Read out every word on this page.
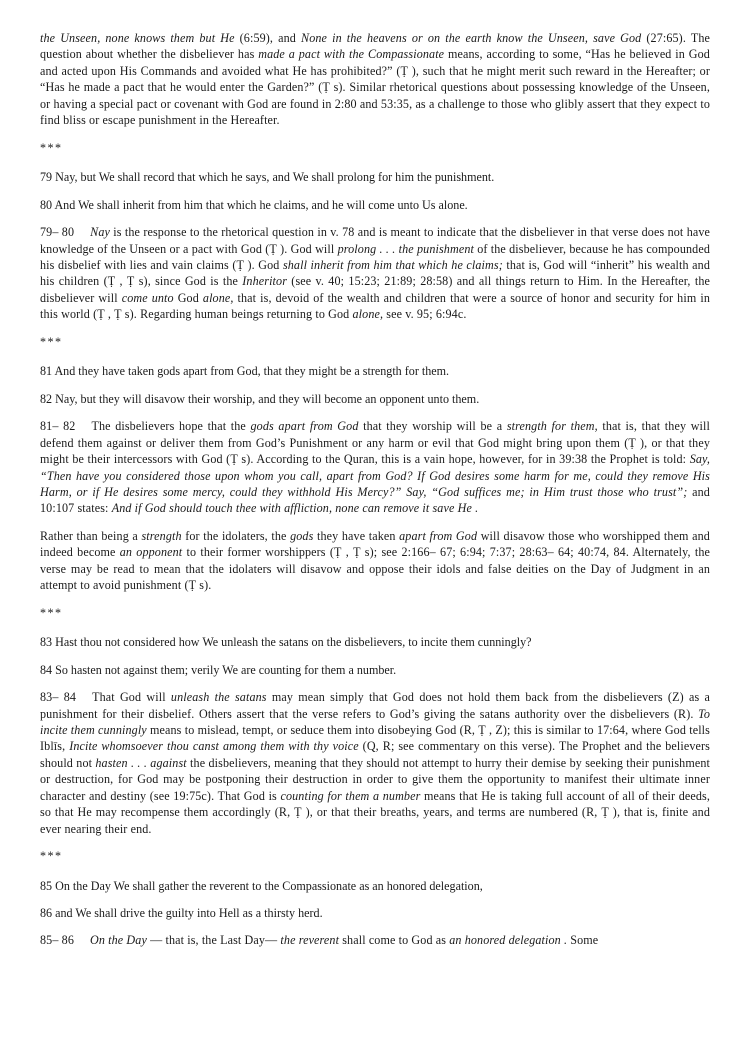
the Unseen, none knows them but He (6:59), and None in the heavens or on the earth know the Unseen, save God (27:65). The question about whether the disbeliever has made a pact with the Compassionate means, according to some, “Has he believed in God and acted upon His Commands and avoided what He has prohibited?” (Ṭ ), such that he might merit such reward in the Hereafter; or “Has he made a pact that he would enter the Garden?” (Ṭ s). Similar rhetorical questions about possessing knowledge of the Unseen, or having a special pact or covenant with God are found in 2:80 and 53:35, as a challenge to those who glibly assert that they expect to find bliss or escape punishment in the Hereafter.

***

79 Nay, but We shall record that which he says, and We shall prolong for him the punishment.

80 And We shall inherit from him that which he claims, and he will come unto Us alone.

79– 80 Nay is the response to the rhetorical question in v. 78 and is meant to indicate that the disbeliever in that verse does not have knowledge of the Unseen or a pact with God (Ṭ ). God will prolong . . . the punishment of the disbeliever, because he has compounded his disbelief with lies and vain claims (Ṭ ). God shall inherit from him that which he claims; that is, God will “inherit” his wealth and his children (Ṭ , Ṭ s), since God is the Inheritor (see v. 40; 15:23; 21:89; 28:58) and all things return to Him. In the Hereafter, the disbeliever will come unto God alone, that is, devoid of the wealth and children that were a source of honor and security for him in this world (Ṭ , Ṭ s). Regarding human beings returning to God alone, see v. 95; 6:94c.

***

81 And they have taken gods apart from God, that they might be a strength for them.

82 Nay, but they will disavow their worship, and they will become an opponent unto them.

81– 82 The disbelievers hope that the gods apart from God that they worship will be a strength for them, that is, that they will defend them against or deliver them from God’s Punishment or any harm or evil that God might bring upon them (Ṭ ), or that they might be their intercessors with God (Ṭ s). According to the Quran, this is a vain hope, however, for in 39:38 the Prophet is told: Say, “Then have you considered those upon whom you call, apart from God? If God desires some harm for me, could they remove His Harm, or if He desires some mercy, could they withhold His Mercy?” Say, “God suffices me; in Him trust those who trust”; and 10:107 states: And if God should touch thee with affliction, none can remove it save He .

Rather than being a strength for the idolaters, the gods they have taken apart from God will disavow those who worshipped them and indeed become an opponent to their former worshippers (Ṭ , Ṭ s); see 2:166– 67; 6:94; 7:37; 28:63– 64; 40:74, 84. Alternately, the verse may be read to mean that the idolaters will disavow and oppose their idols and false deities on the Day of Judgment in an attempt to avoid punishment (Ṭ s).

***

83 Hast thou not considered how We unleash the satans on the disbelievers, to incite them cunningly?

84 So hasten not against them; verily We are counting for them a number.

83– 84 That God will unleash the satans may mean simply that God does not hold them back from the disbelievers (Z) as a punishment for their disbelief. Others assert that the verse refers to God’s giving the satans authority over the disbelievers (R). To incite them cunningly means to mislead, tempt, or seduce them into disobeying God (R, Ṭ , Z); this is similar to 17:64, where God tells Iblīs, Incite whomsoever thou canst among them with thy voice (Q, R; see commentary on this verse). The Prophet and the believers should not hasten . . . against the disbelievers, meaning that they should not attempt to hurry their demise by seeking their punishment or destruction, for God may be postponing their destruction in order to give them the opportunity to manifest their ultimate inner character and destiny (see 19:75c). That God is counting for them a number means that He is taking full account of all of their deeds, so that He may recompense them accordingly (R, Ṭ ), or that their breaths, years, and terms are numbered (R, Ṭ ), that is, finite and ever nearing their end.

***

85 On the Day We shall gather the reverent to the Compassionate as an honored delegation,

86 and We shall drive the guilty into Hell as a thirsty herd.

85– 86 On the Day — that is, the Last Day— the reverent shall come to God as an honored delegation . Some
